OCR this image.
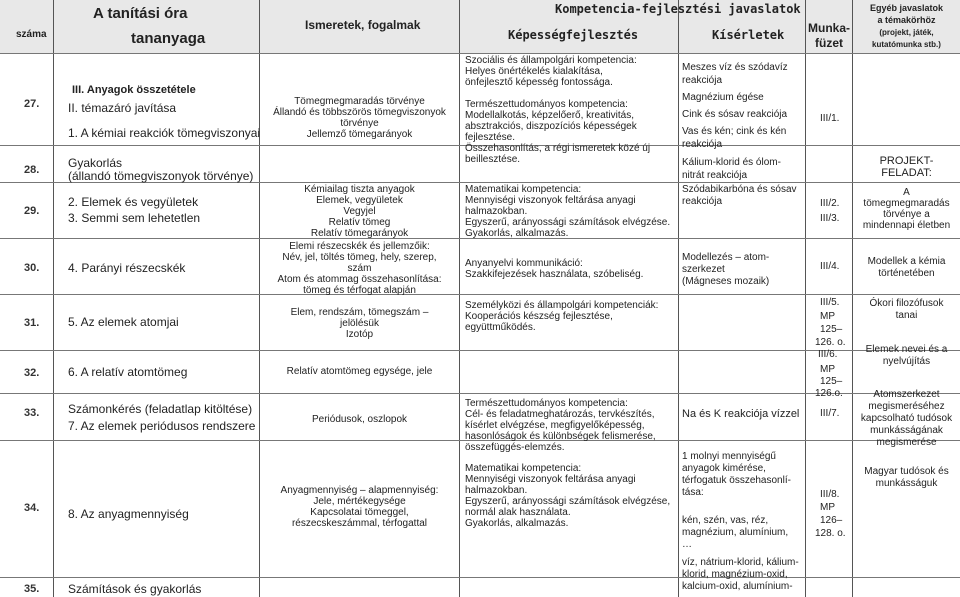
száma
A tanítási óra
tananyaga
Ismeretek, fogalmak
Kompetencia-fejlesztési javaslatok
Képességfejlesztés	Kísérletek Munka-
füzet
Egyéb javaslatok
a témakörhöz
(projekt, játék,
kutatómunka stb.)
27.
28.
29.
30.
31.
32.
33.
34.
35.
III. Anyagok összetétele
II. témazáró javítása
1. A kémiai reakciók tömegviszonyai
Gyakorlás
(állandó tömegviszonyok törvénye)
2. Elemek és vegyületek
3. Semmi sem lehetetlen
4. Parányi részecskék
5. Az elemek atomjai
6. A relatív atomtömeg
Számonkérés (feladatlap kitöltése)
7. Az elemek periódusos rendszere
8. Az anyagmennyiség
Számítások és gyakorlás
Tömegmegmaradás törvénye
Állandó és többszörös tömegviszonyok
törvénye
Jellemző tömegarányok
Kémiailag tiszta anyagok
Elemek, vegyületek
Vegyjel
Relatív tömeg
Relatív tömegarányok
Elemi részecskék és jellemzőik:
Név, jel, töltés tömeg, hely, szerep,
szám
Atom és atommag összehasonlítása:
tömeg és térfogat alapján
Elem, rendszám, tömegszám –
jelölésük
Izotóp
Relatív atomtömeg egysége, jele
Periódusok, oszlopok
Anyagmennyiség – alapmennyiség:
Jele, mértékegysége
Kapcsolatai tömeggel,
részecskeszámmal, térfogattal
Szociális és állampolgári kompetencia:
Helyes önértékelés kialakítása,
önfejlesztő képesség fontossága.
Természettudományos kompetencia:
Modellalkotás, képzelőerő, kreativitás,
absztrakciós, diszpozíciós képességek
fejlesztése.
Összehasonlítás, a régi ismeretek közé új
beillesztése.
Matematikai kompetencia:
Mennyiségi viszonyok feltárása anyagi
halmazokban.
Egyszerű, arányossági számítások elvégzése.
Gyakorlás, alkalmazás.
Anyanyelvi kommunikáció:
Szakkifejezések használata, szóbeliség.
Személyközi és állampolgári kompetenciák:
Kooperációs készség fejlesztése,
együttműködés.
Természettudományos kompetencia:
Cél- és feladatmeghatározás, tervkészítés,
kísérlet elvégzése, megfigyelőképesség,
hasonlóságok és különbségek felismerése,
összefüggés-elemzés.
Matematikai kompetencia:
Mennyiségi viszonyok feltárása anyagi
halmazokban.
Egyszerű, arányossági számítások elvégzése,
normál alak használata.
Gyakorlás, alkalmazás.
Meszes víz és szódavíz
reakciója
Magnézium égése
Cink és sósav reakciója
Vas és kén; cink és kén
reakciója
Kálium-klorid és ólom-
nitrát reakciója
Szódabikarbóna és sósav
reakciója
Modellezés – atom-
szerkezet
(Mágneses mozaik)
Na és K reakciója vízzel
1 molnyi mennyiségű
anyagok kimérése,
térfogatuk összehasonlí-
tása:
kén, szén, vas, réz,
magnézium, alumínium,
…
víz, nátrium-klorid, kálium-
klorid, magnézium-oxid,
kalcium-oxid, alumínium-
III/1.
III/2.
III/3.
III/4.
III/5.
MP
125–
126. o.
III/6.
MP
125–
126.o.
III/7.
III/8.
MP
126–
128. o.
PROJEKT-
FELADAT:
A
tömegmegmaradás
törvénye a
mindennapi életben
Modellek a kémia
történetében
Ókori filozófusok
tanai
Elemek nevei és a
nyelvújítás
Atomszerkezet
megismeréséhez
kapcsolható tudósok
munkásságának
megismerése
Magyar tudósok és
munkásságuk
